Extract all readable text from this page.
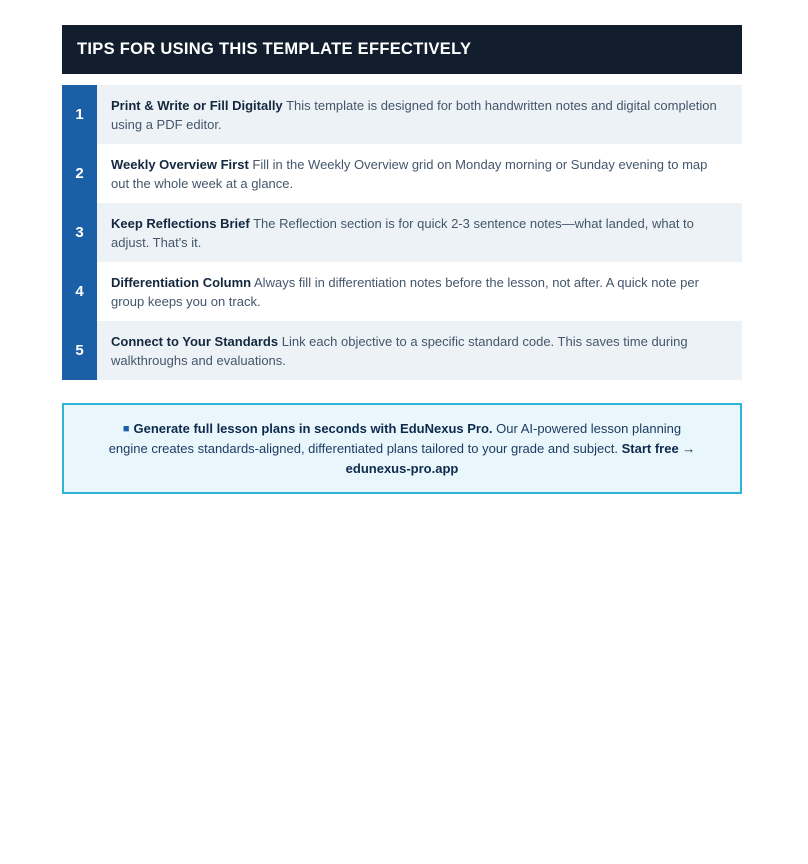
TIPS FOR USING THIS TEMPLATE EFFECTIVELY
1

Print & Write or Fill Digitally This template is designed for both handwritten notes and digital completion using a PDF editor.

2

Weekly Overview First Fill in the Weekly Overview grid on Monday morning or Sunday evening to map out the whole week at a glance.

3

Keep Reflections Brief The Reflection section is for quick 2-3 sentence notes—what landed, what to adjust. That's it.

4

Differentiation Column Always fill in differentiation notes before the lesson, not after. A quick note per group keeps you on track.

5

Connect to Your Standards Link each objective to a specific standard code. This saves time during walkthroughs and evaluations.

■ Generate full lesson plans in seconds with EduNexus Pro. Our AI-powered lesson planning engine creates standards-aligned, differentiated plans tailored to your grade and subject. Start free →
edunexus-pro.app
